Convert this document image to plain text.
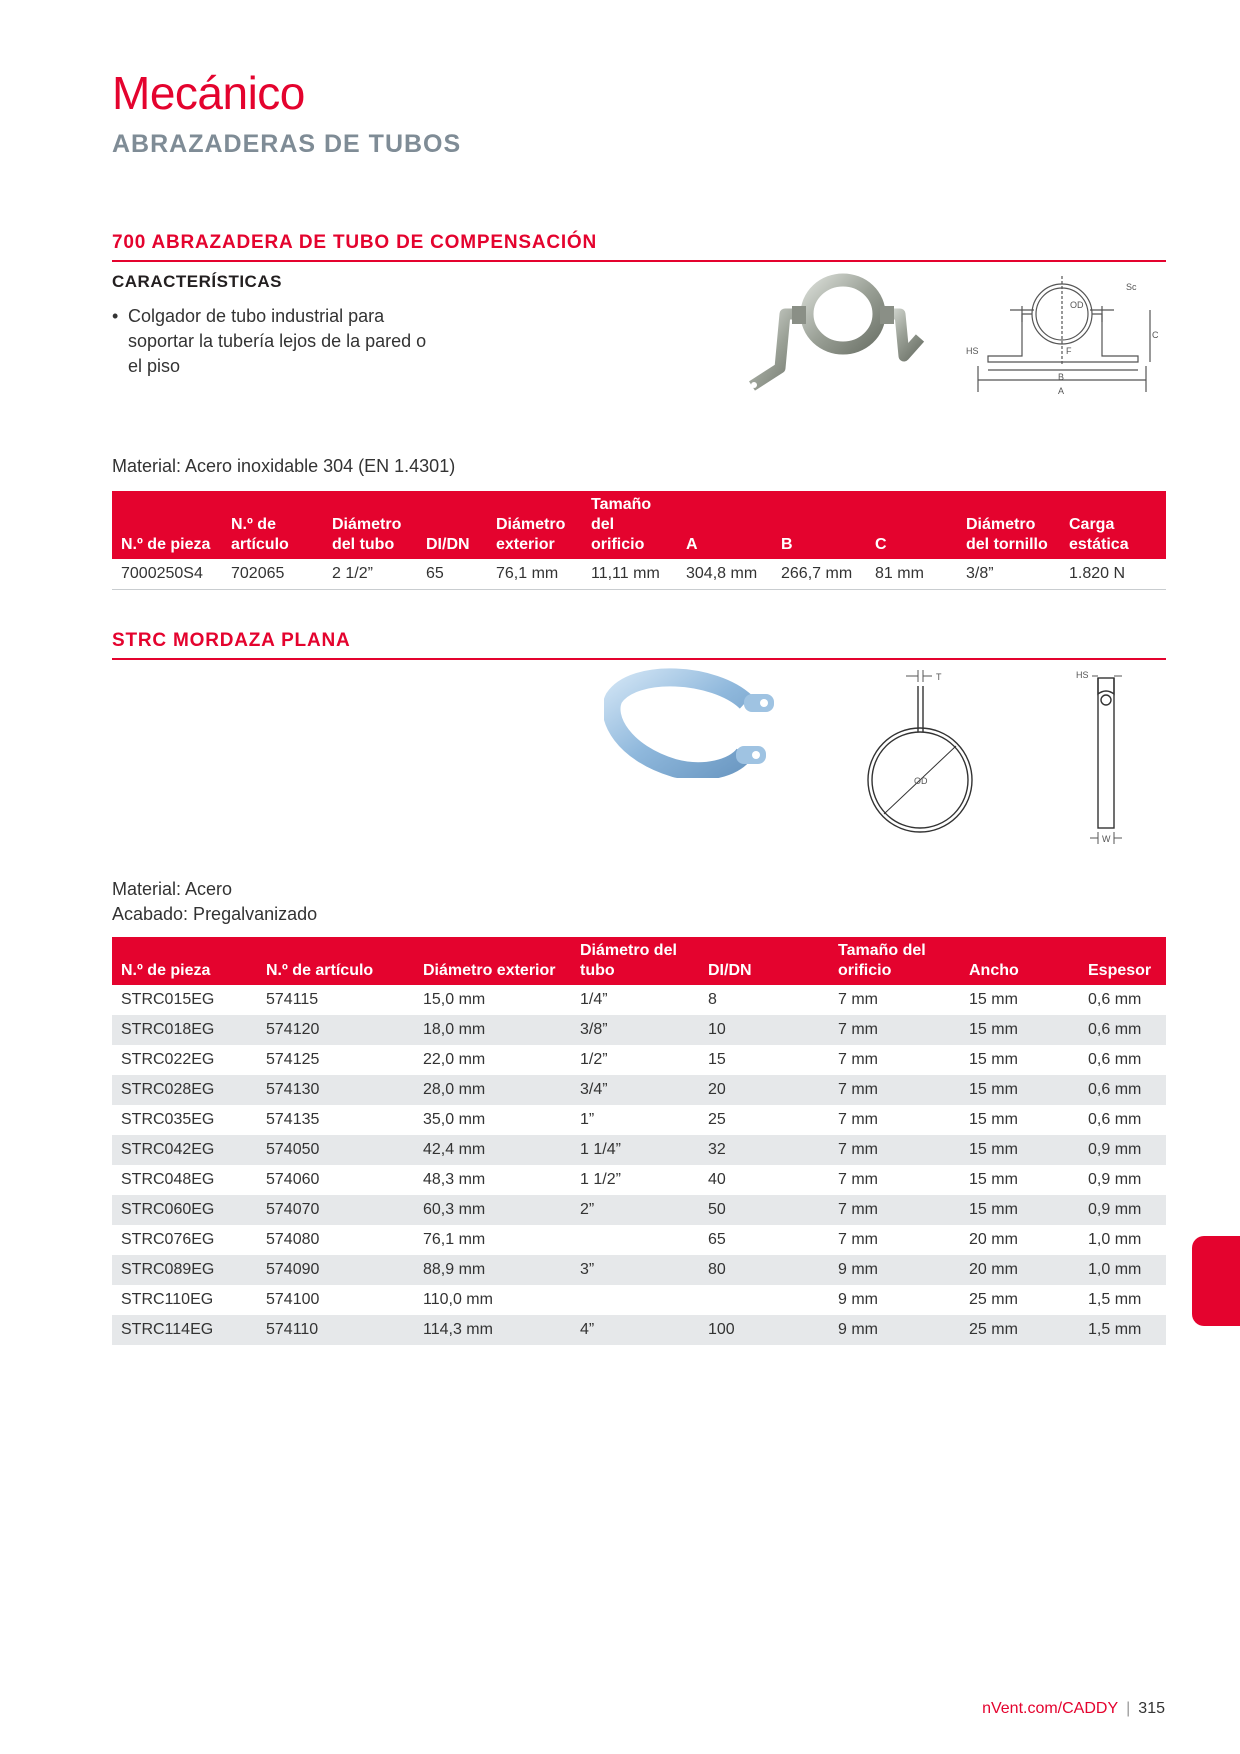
Mecánico
ABRAZADERAS DE TUBOS
700 ABRAZADERA DE TUBO DE COMPENSACIÓN
CARACTERÍSTICAS
• Colgador de tubo industrial para soportar la tubería lejos de la pared o el piso
OD
Sc
HS	F
C
B
A
Material: Acero inoxidable 304 (EN 1.4301)
N.º de pieza	N.º de artículo	Diámetro del tubo	DI/DN	Diámetro exterior	Tamaño del orificio	A	B	C	Diámetro del tornillo	Carga estática
7000250S4	702065	2 1/2”	65	76,1 mm	11,11 mm	304,8 mm	266,7 mm	81 mm	3/8”	1.820 N
STRC MORDAZA PLANA
T
OD
HS
W
Material: Acero
Acabado: Pregalvanizado
N.º de pieza	N.º de artículo	Diámetro exterior	Diámetro del tubo	DI/DN	Tamaño del orificio	Ancho	Espesor
STRC015EG	574115	15,0 mm	1/4”	8	7 mm	15 mm	0,6 mm
STRC018EG	574120	18,0 mm	3/8”	10	7 mm	15 mm	0,6 mm
STRC022EG	574125	22,0 mm	1/2”	15	7 mm	15 mm	0,6 mm
STRC028EG	574130	28,0 mm	3/4”	20	7 mm	15 mm	0,6 mm
STRC035EG	574135	35,0 mm	1”	25	7 mm	15 mm	0,6 mm
STRC042EG	574050	42,4 mm	1 1/4”	32	7 mm	15 mm	0,9 mm
STRC048EG	574060	48,3 mm	1 1/2”	40	7 mm	15 mm	0,9 mm
STRC060EG	574070	60,3 mm	2”	50	7 mm	15 mm	0,9 mm
STRC076EG	574080	76,1 mm		65	7 mm	20 mm	1,0 mm
STRC089EG	574090	88,9 mm	3”	80	9 mm	20 mm	1,0 mm
STRC110EG	574100	110,0 mm			9 mm	25 mm	1,5 mm
STRC114EG	574110	114,3 mm	4”	100	9 mm	25 mm	1,5 mm
nVent.com/CADDY | 315
